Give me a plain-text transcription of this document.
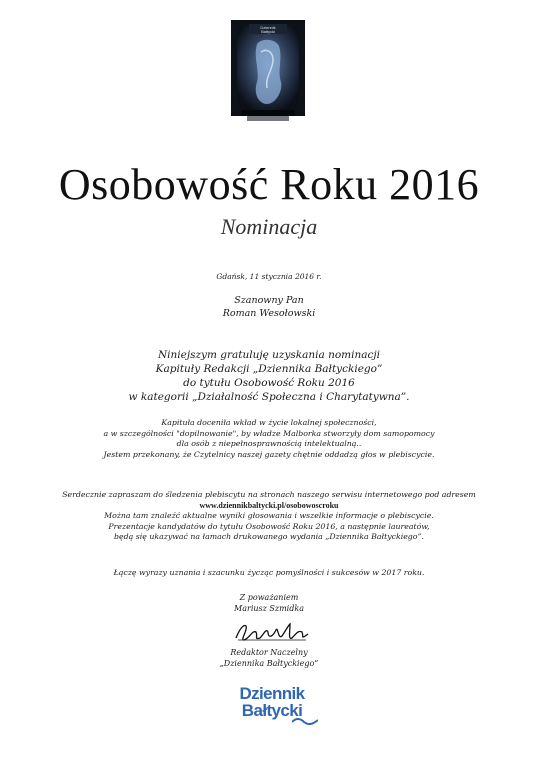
Dziennik
Bałtycki
Osobowość Roku 2016
Nominacja
Gdańsk, 11 stycznia 2016 r.
Szanowny Pan
Roman Wesołowski
Niniejszym gratuluję uzyskania nominacji
Kapituły Redakcji „Dziennika Bałtyckiego”
do tytułu Osobowość Roku 2016
w kategorii „Działalność Społeczna i Charytatywna”.
Kapituła doceniła wkład w życie lokalnej społeczności,
a w szczególności "dopilnowanie", by władze Malborka stworzyły dom samopomocy
dla osób z niepełnosprawnością intelektualną..
Jestem przekonany, że Czytelnicy naszej gazety chętnie oddadzą głos w plebiscycie.
Serdecznie zapraszam do śledzenia plebiscytu na stronach naszego serwisu internetowego pod adresem
www.dziennikbaltycki.pl/osobowoscroku
Można tam znaleźć aktualne wyniki głosowania i wszelkie informacje o plebiscycie.
Prezentacje kandydatów do tytułu Osobowość Roku 2016, a następnie laureatów,
będą się ukazywać na łamach drukowanego wydania „Dziennika Bałtyckiego”.
Łączę wyrazy uznania i szacunku życząc pomyślności i sukcesów w 2017 roku.
Z poważaniem
Mariusz Szmidka
Redaktor Naczelny
„Dziennika Bałtyckiego”
Dziennik
Bałtycki
